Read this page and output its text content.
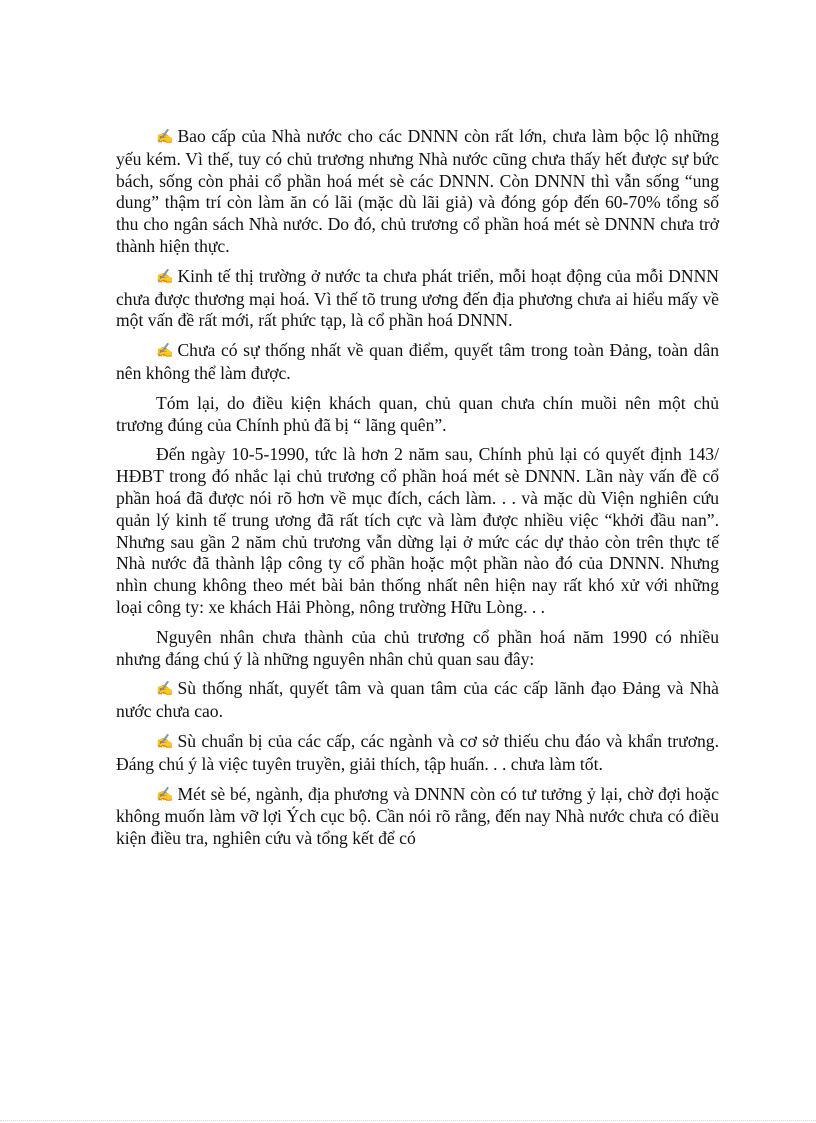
✍ Bao cấp của Nhà nước cho các DNNN còn rất lớn, chưa làm bộc lộ những yếu kém. Vì thế, tuy có chủ trương nhưng Nhà nước cũng chưa thấy hết được sự bức bách, sống còn phải cổ phần hoá mét sè các DNNN. Còn DNNN thì vẫn sống “ung dung” thậm trí còn làm ăn có lãi (mặc dù lãi giả) và đóng góp đến 60-70% tổng số thu cho ngân sách Nhà nước. Do đó, chủ trương cổ phần hoá mét sè DNNN chưa trở thành hiện thực.

✍ Kinh tế thị trường ở nước ta chưa phát triển, mỗi hoạt động của mỗi DNNN chưa được thương mại hoá. Vì thế tõ trung ương đến địa phương chưa ai hiểu mấy về một vấn đề rất mới, rất phức tạp, là cổ phần hoá DNNN.

✍ Chưa có sự thống nhất về quan điểm, quyết tâm trong toàn Đảng, toàn dân nên không thể làm được.

Tóm lại, do điều kiện khách quan, chủ quan chưa chín muồi nên một chủ trương đúng của Chính phủ đã bị “ lãng quên”.

Đến ngày 10-5-1990, tức là hơn 2 năm sau, Chính phủ lại có quyết định 143/ HĐBT trong đó nhắc lại chủ trương cổ phần hoá mét sè DNNN. Lần này vấn đề cổ phần hoá đã được nói rõ hơn về mục đích, cách làm. . . và mặc dù Viện nghiên cứu quản lý kinh tế trung ương đã rất tích cực và làm được nhiều việc “khởi đầu nan”. Nhưng sau gần 2 năm chủ trương vẫn dừng lại ở mức các dự thảo còn trên thực tế Nhà nước đã thành lập công ty cổ phần hoặc một phần nào đó của DNNN. Nhưng nhìn chung không theo mét bài bản thống nhất nên hiện nay rất khó xử với những loại công ty: xe khách Hải Phòng, nông trường Hữu Lòng. . .

Nguyên nhân chưa thành của chủ trương cổ phần hoá năm 1990 có nhiều nhưng đáng chú ý là những nguyên nhân chủ quan sau đây:

✍ Sù thống nhất, quyết tâm và quan tâm của các cấp lãnh đạo Đảng và Nhà nước chưa cao.

✍ Sù chuẩn bị của các cấp, các ngành và cơ sở thiếu chu đáo và khẩn trương. Đáng chú ý là việc tuyên truyền, giải thích, tập huấn. . . chưa làm tốt.

✍ Mét sè bé, ngành, địa phương và DNNN còn có tư tưởng ỷ lại, chờ đợi hoặc không muốn làm vỡ lợi Ých cục bộ. Cần nói rõ rằng, đến nay Nhà nước chưa có điều kiện điều tra, nghiên cứu và tổng kết để có
